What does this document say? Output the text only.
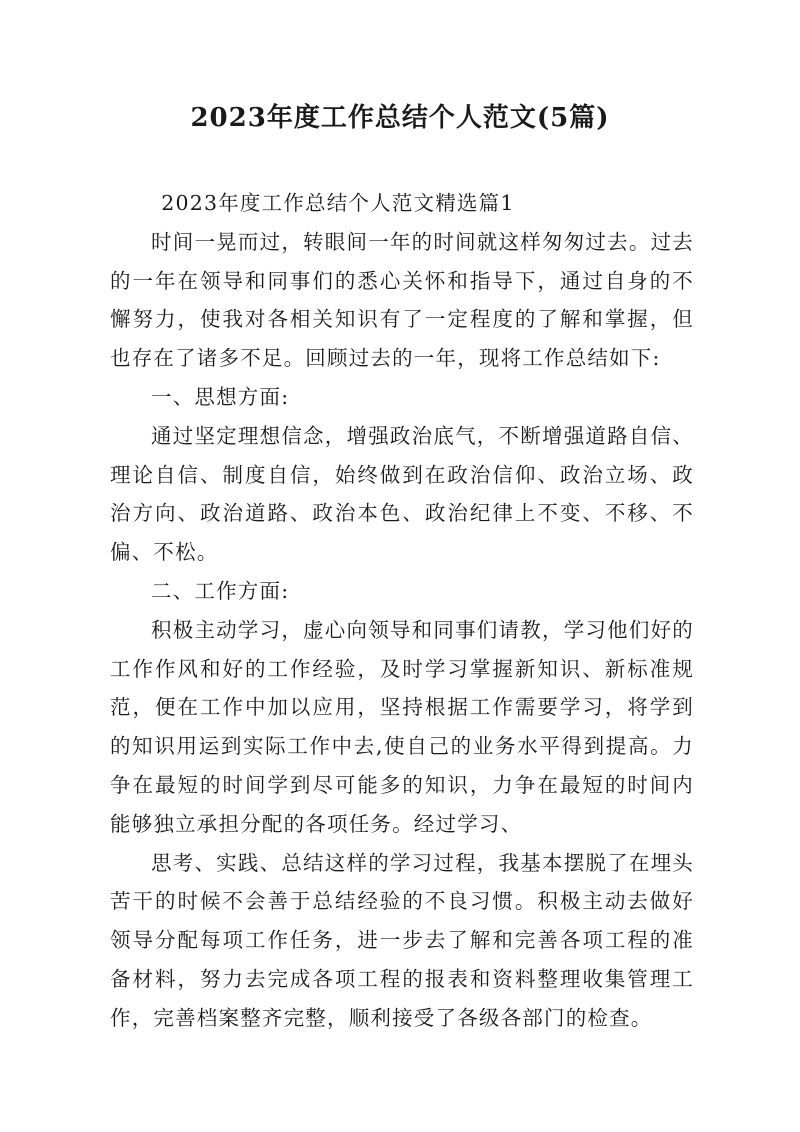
2023年度工作总结个人范文(5篇)

2023年度工作总结个人范文精选篇1

时间一晃而过，转眼间一年的时间就这样匆匆过去。过去的一年在领导和同事们的悉心关怀和指导下，通过自身的不懈努力，使我对各相关知识有了一定程度的了解和掌握，但也存在了诸多不足。回顾过去的一年，现将工作总结如下:

一、思想方面:

通过坚定理想信念，增强政治底气，不断增强道路自信、理论自信、制度自信，始终做到在政治信仰、政治立场、政治方向、政治道路、政治本色、政治纪律上不变、不移、不偏、不松。

二、工作方面:

积极主动学习，虚心向领导和同事们请教，学习他们好的工作作风和好的工作经验，及时学习掌握新知识、新标准规范，便在工作中加以应用，坚持根据工作需要学习，将学到的知识用运到实际工作中去,使自己的业务水平得到提高。力争在最短的时间学到尽可能多的知识，力争在最短的时间内能够独立承担分配的各项任务。经过学习、

思考、实践、总结这样的学习过程，我基本摆脱了在埋头苦干的时候不会善于总结经验的不良习惯。积极主动去做好领导分配每项工作任务，进一步去了解和完善各项工程的准备材料，努力去完成各项工程的报表和资料整理收集管理工作，完善档案整齐完整，顺利接受了各级各部门的检查。
